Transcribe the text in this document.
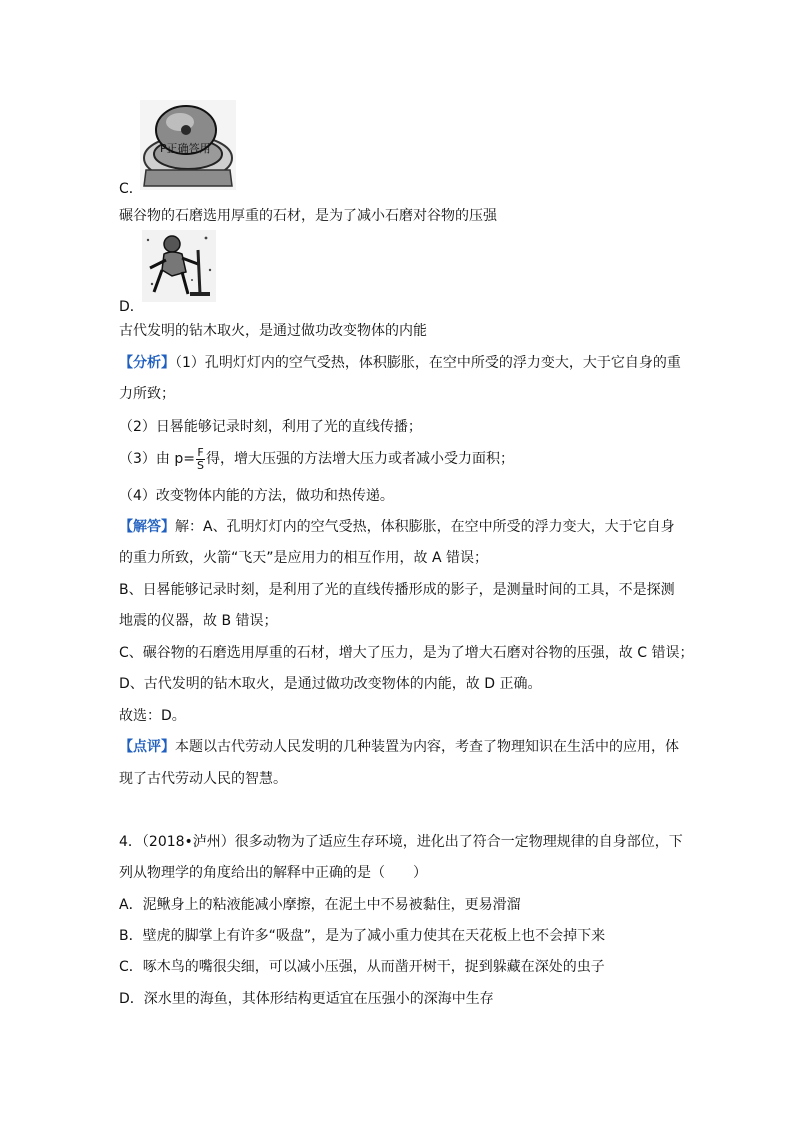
P正确答用
C．
碾谷物的石磨选用厚重的石材，是为了减小石磨对谷物的压强
D．
古代发明的钻木取火，是通过做功改变物体的内能
【分析】（1）孔明灯灯内的空气受热，体积膨胀，在空中所受的浮力变大，大于它自身的重
力所致；
（2）日晷能够记录时刻，利用了光的直线传播；
（3）由 $p= \frac{F}{S}$ 得，增大压强的方法增大压力或者减小受力面积；
（4）改变物体内能的方法，做功和热传递。
【解答】解：A、孔明灯灯内的空气受热，体积膨胀，在空中所受的浮力变大，大于它自身
的重力所致，火箭“飞天”是应用力的相互作用，故 A 错误；
B、日晷能够记录时刻，是利用了光的直线传播形成的影子，是测量时间的工具，不是探测
地震的仪器，故 B 错误；
C、碾谷物的石磨选用厚重的石材，增大了压力，是为了增大石磨对谷物的压强，故 C 错误；
D、古代发明的钻木取火，是通过做功改变物体的内能，故 D 正确。
故选：D。
【点评】本题以古代劳动人民发明的几种装置为内容，考查了物理知识在生活中的应用，体
现了古代劳动人民的智慧。
4．（2018•泸州）很多动物为了适应生存环境，进化出了符合一定物理规律的自身部位，下
列从物理学的角度给出的解释中正确的是（　　）
A．泥鳅身上的粘液能减小摩擦，在泥土中不易被黏住，更易滑溜
B．壁虎的脚掌上有许多“吸盘”，是为了减小重力使其在天花板上也不会掉下来
C．啄木鸟的嘴很尖细，可以减小压强，从而凿开树干，捉到躲藏在深处的虫子
D．深水里的海鱼，其体形结构更适宜在压强小的深海中生存
